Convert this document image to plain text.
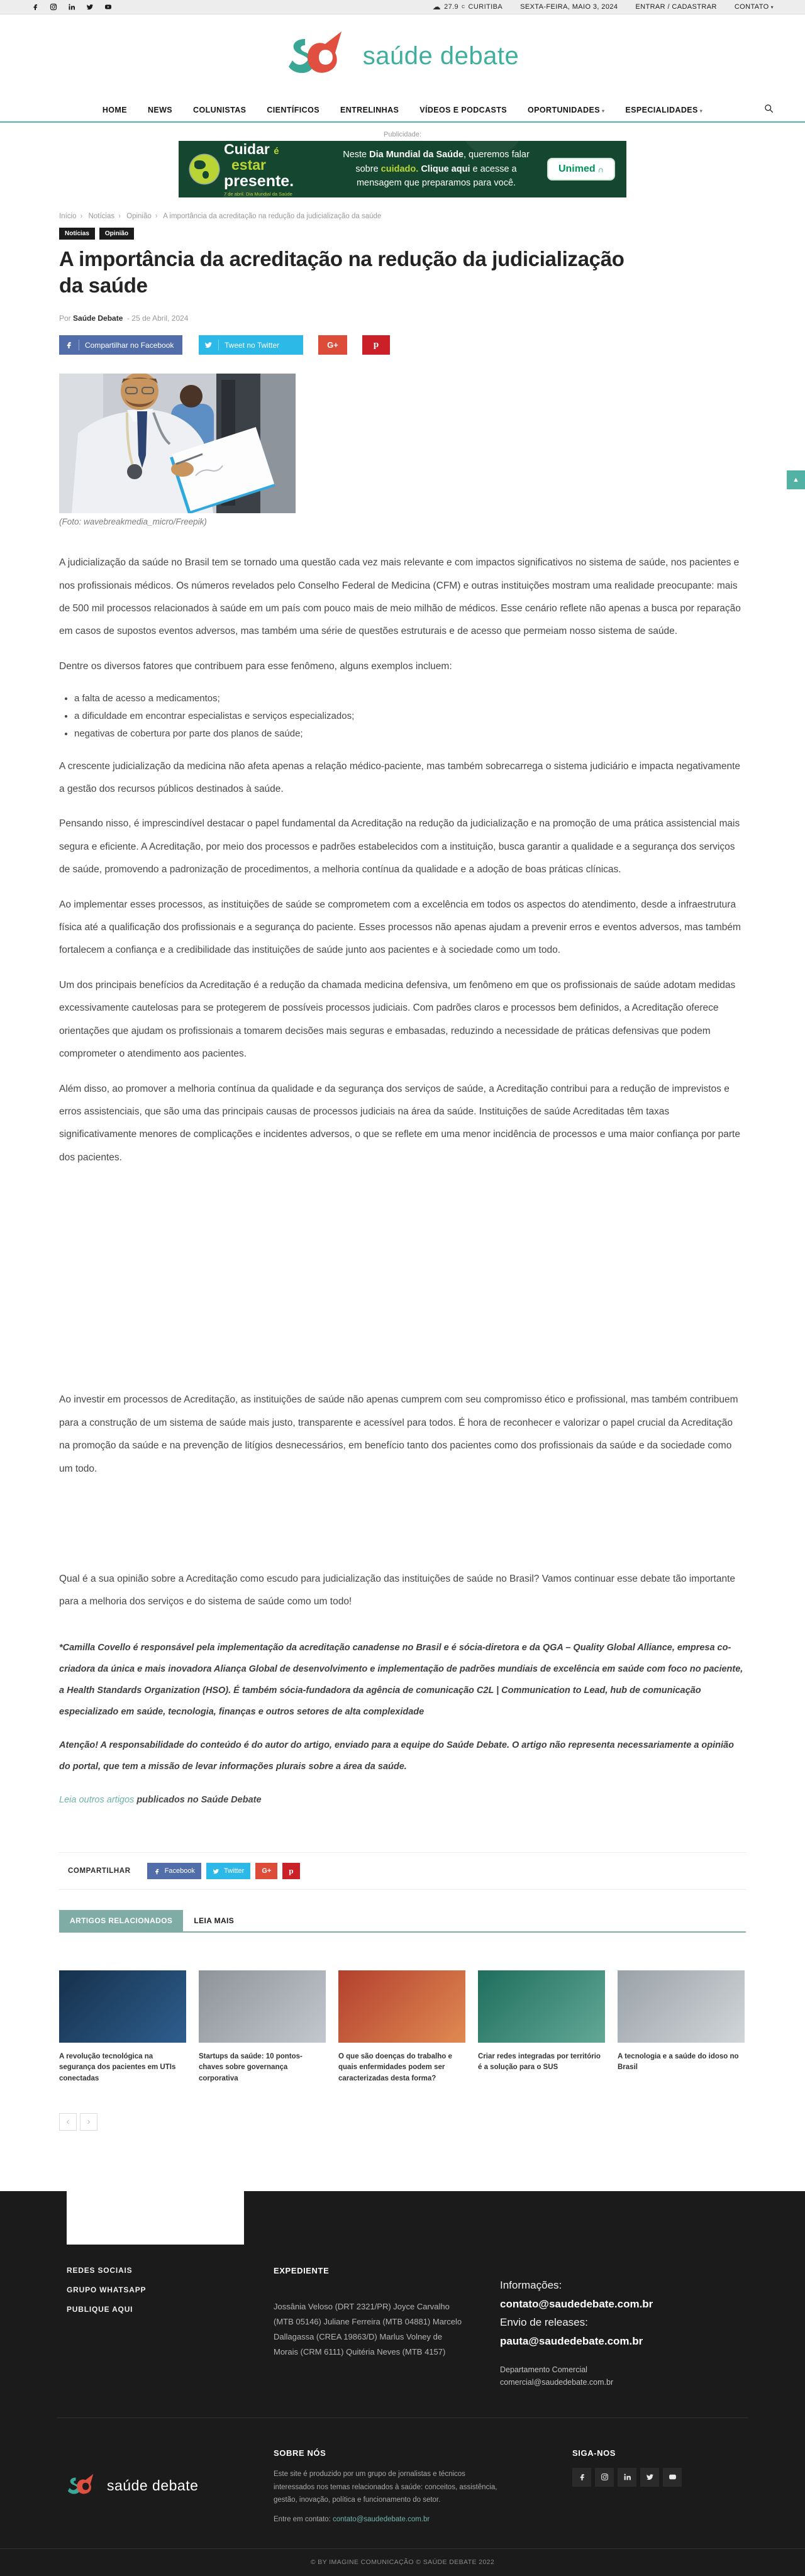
☁ 27.9 C CURITIBA	SEXTA-FEIRA, MAIO 3, 2024	ENTRAR / CADASTRAR	CONTATO ▾
saúde debate
HOME	NEWS	COLUNISTAS	CIENTÍFICOS	ENTRELINHAS	VÍDEOS E PODCASTS	OPORTUNIDADES ▾	ESPECIALIDADES ▾
Publicidade:
Cuidar é
estar
presente.
7 de abril. Dia Mundial da Saúde
Neste Dia Mundial da Saúde, queremos falar sobre cuidado. Clique aqui e acesse a mensagem que preparamos para você.
Unimed ∩
Início › Notícias › Opinião › A importância da acreditação na redução da judicialização da saúde
Notícias	Opinião
A importância da acreditação na redução da judicialização da saúde
Por Saúde Debate - 25 de Abril, 2024
Compartilhar no Facebook	Tweet no Twitter	G+	p
(Foto: wavebreakmedia_micro/Freepik)

A judicialização da saúde no Brasil tem se tornado uma questão cada vez mais relevante e com impactos significativos no sistema de saúde, nos pacientes e nos profissionais médicos. Os números revelados pelo Conselho Federal de Medicina (CFM) e outras instituições mostram uma realidade preocupante: mais de 500 mil processos relacionados à saúde em um país com pouco mais de meio milhão de médicos. Esse cenário reflete não apenas a busca por reparação em casos de supostos eventos adversos, mas também uma série de questões estruturais e de acesso que permeiam nosso sistema de saúde.

Dentre os diversos fatores que contribuem para esse fenômeno, alguns exemplos incluem:

• a falta de acesso a medicamentos;
• a dificuldade em encontrar especialistas e serviços especializados;
• negativas de cobertura por parte dos planos de saúde;

A crescente judicialização da medicina não afeta apenas a relação médico-paciente, mas também sobrecarrega o sistema judiciário e impacta negativamente a gestão dos recursos públicos destinados à saúde.

Pensando nisso, é imprescindível destacar o papel fundamental da Acreditação na redução da judicialização e na promoção de uma prática assistencial mais segura e eficiente. A Acreditação, por meio dos processos e padrões estabelecidos com a instituição, busca garantir a qualidade e a segurança dos serviços de saúde, promovendo a padronização de procedimentos, a melhoria contínua da qualidade e a adoção de boas práticas clínicas.

Ao implementar esses processos, as instituições de saúde se comprometem com a excelência em todos os aspectos do atendimento, desde a infraestrutura física até a qualificação dos profissionais e a segurança do paciente. Esses processos não apenas ajudam a prevenir erros e eventos adversos, mas também fortalecem a confiança e a credibilidade das instituições de saúde junto aos pacientes e à sociedade como um todo.

Um dos principais benefícios da Acreditação é a redução da chamada medicina defensiva, um fenômeno em que os profissionais de saúde adotam medidas excessivamente cautelosas para se protegerem de possíveis processos judiciais. Com padrões claros e processos bem definidos, a Acreditação oferece orientações que ajudam os profissionais a tomarem decisões mais seguras e embasadas, reduzindo a necessidade de práticas defensivas que podem comprometer o atendimento aos pacientes.

Além disso, ao promover a melhoria contínua da qualidade e da segurança dos serviços de saúde, a Acreditação contribui para a redução de imprevistos e erros assistenciais, que são uma das principais causas de processos judiciais na área da saúde. Instituições de saúde Acreditadas têm taxas significativamente menores de complicações e incidentes adversos, o que se reflete em uma menor incidência de processos e uma maior confiança por parte dos pacientes.

Ao investir em processos de Acreditação, as instituições de saúde não apenas cumprem com seu compromisso ético e profissional, mas também contribuem para a construção de um sistema de saúde mais justo, transparente e acessível para todos. É hora de reconhecer e valorizar o papel crucial da Acreditação na promoção da saúde e na prevenção de litígios desnecessários, em benefício tanto dos pacientes como dos profissionais da saúde e da sociedade como um todo.

Qual é a sua opinião sobre a Acreditação como escudo para judicialização das instituições de saúde no Brasil? Vamos continuar esse debate tão importante para a melhoria dos serviços e do sistema de saúde como um todo!

*Camilla Covello é responsável pela implementação da acreditação canadense no Brasil e é sócia-diretora e da QGA – Quality Global Alliance, empresa co-criadora da única e mais inovadora Aliança Global de desenvolvimento e implementação de padrões mundiais de excelência em saúde com foco no paciente, a Health Standards Organization (HSO). É também sócia-fundadora da agência de comunicação C2L | Communication to Lead, hub de comunicação especializado em saúde, tecnologia, finanças e outros setores de alta complexidade

Atenção! A responsabilidade do conteúdo é do autor do artigo, enviado para a equipe do Saúde Debate. O artigo não representa necessariamente a opinião do portal, que tem a missão de levar informações plurais sobre a área da saúde.

Leia outros artigos publicados no Saúde Debate

COMPARTILHAR	Facebook	Twitter	G+	p
ARTIGOS RELACIONADOS	LEIA MAIS
A revolução tecnológica na segurança dos pacientes em UTIs conectadas
Startups da saúde: 10 pontos-chaves sobre governança corporativa
O que são doenças do trabalho e quais enfermidades podem ser caracterizadas desta forma?
Criar redes integradas por território é a solução para o SUS
A tecnologia e a saúde do idoso no Brasil
‹	›
REDES SOCIAIS
GRUPO WHATSAPP
PUBLIQUE AQUI
EXPEDIENTE
Jossânia Veloso (DRT 2321/PR) Joyce Carvalho (MTB 05146) Juliane Ferreira (MTB 04881) Marcelo Dallagassa (CREA 19863/D) Marlus Volney de Morais (CRM 6111) Quitéria Neves (MTB 4157)
Informações:
contato@saudedebate.com.br
Envio de releases:
pauta@saudedebate.com.br
Departamento Comercial
comercial@saudedebate.com.br
saúde debate
SOBRE NÓS
Este site é produzido por um grupo de jornalistas e técnicos interessados nos temas relacionados à saúde: conceitos, assistência, gestão, inovação, política e funcionamento do setor.
Entre em contato: contato@saudedebate.com.br
SIGA-NOS
© BY IMAGINE COMUNICAÇÃO © SAÚDE DEBATE 2022
▲
